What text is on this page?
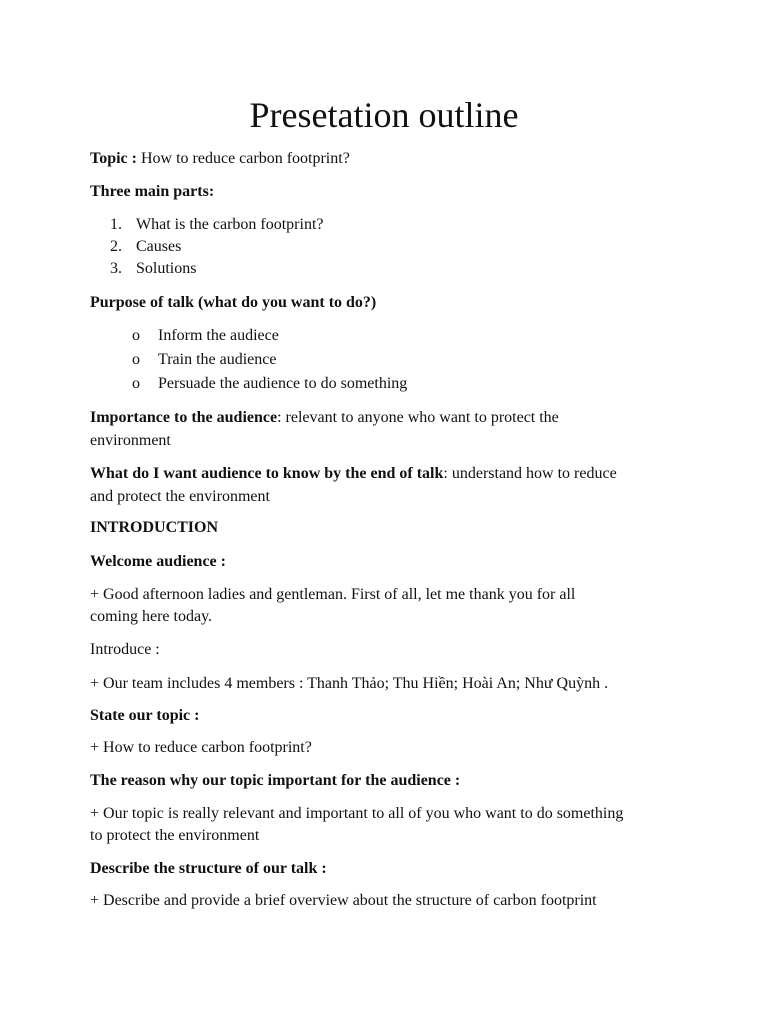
Presetation outline
Topic : How to reduce carbon footprint?
Three main parts:
1. What is the carbon footprint?
2. Causes
3. Solutions
Purpose of talk (what do you want to do?)
o Inform the audiece
o Train the audience
o Persuade the audience to do something
Importance to the audience: relevant to anyone who want to protect the
environment
What do I want audience to know by the end of talk: understand how to reduce
and protect the environment
INTRODUCTION
Welcome audience :
+ Good afternoon ladies and gentleman. First of all, let me thank you for all
coming here today.
Introduce :
+ Our team includes 4 members : Thanh Thảo; Thu Hiền; Hoài An; Như Quỳnh .
State our topic :
+ How to reduce carbon footprint?
The reason why our topic important for the audience :
+ Our topic is really relevant and important to all of you who want to do something
to protect the environment
Describe the structure of our talk :
+ Describe and provide a brief overview about the structure of carbon footprint
